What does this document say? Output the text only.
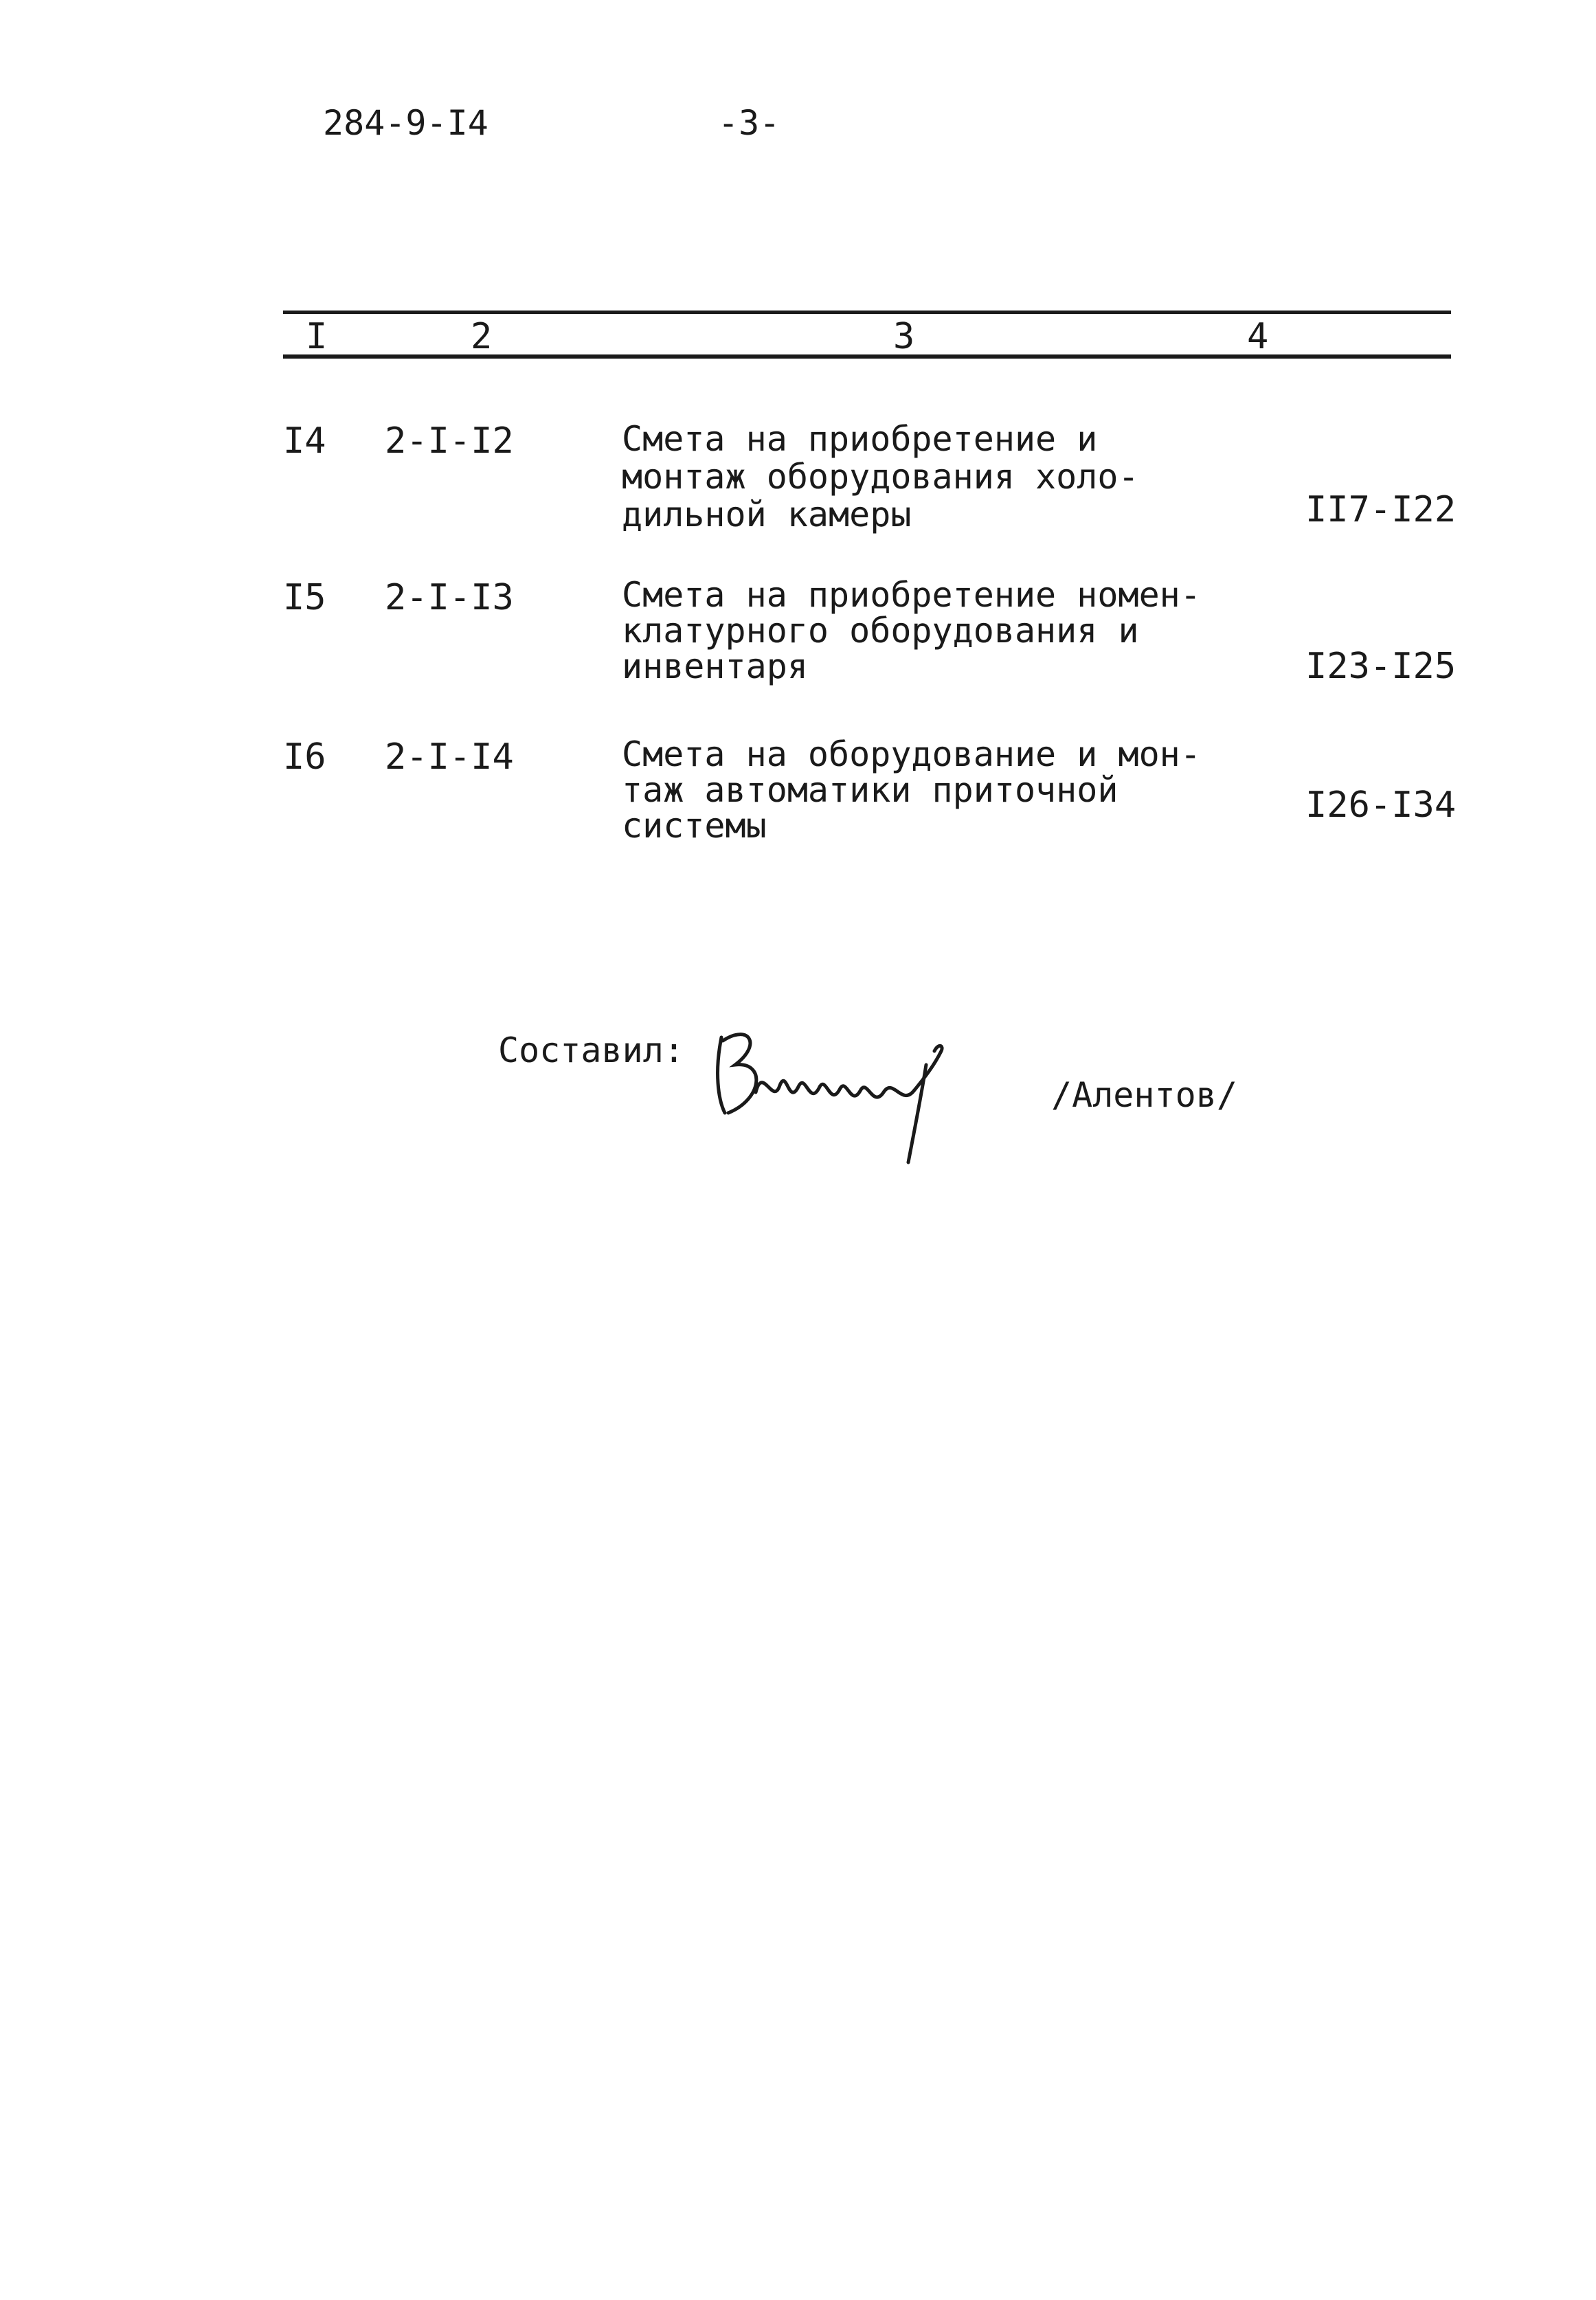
284-9-I4	-3-
I	2	3	4
I4 2-I-I2	Смета на приобретение и
монтаж оборудования холо-
дильной камеры	II7-I22
I5 2-I-I3	Смета на приобретение номен-
клатурного оборудования и
инвентаря	I23-I25
I6 2-I-I4	Смета на оборудование и мон-
таж автоматики приточной
системы	I26-I34
Составил:
/Алентов/
